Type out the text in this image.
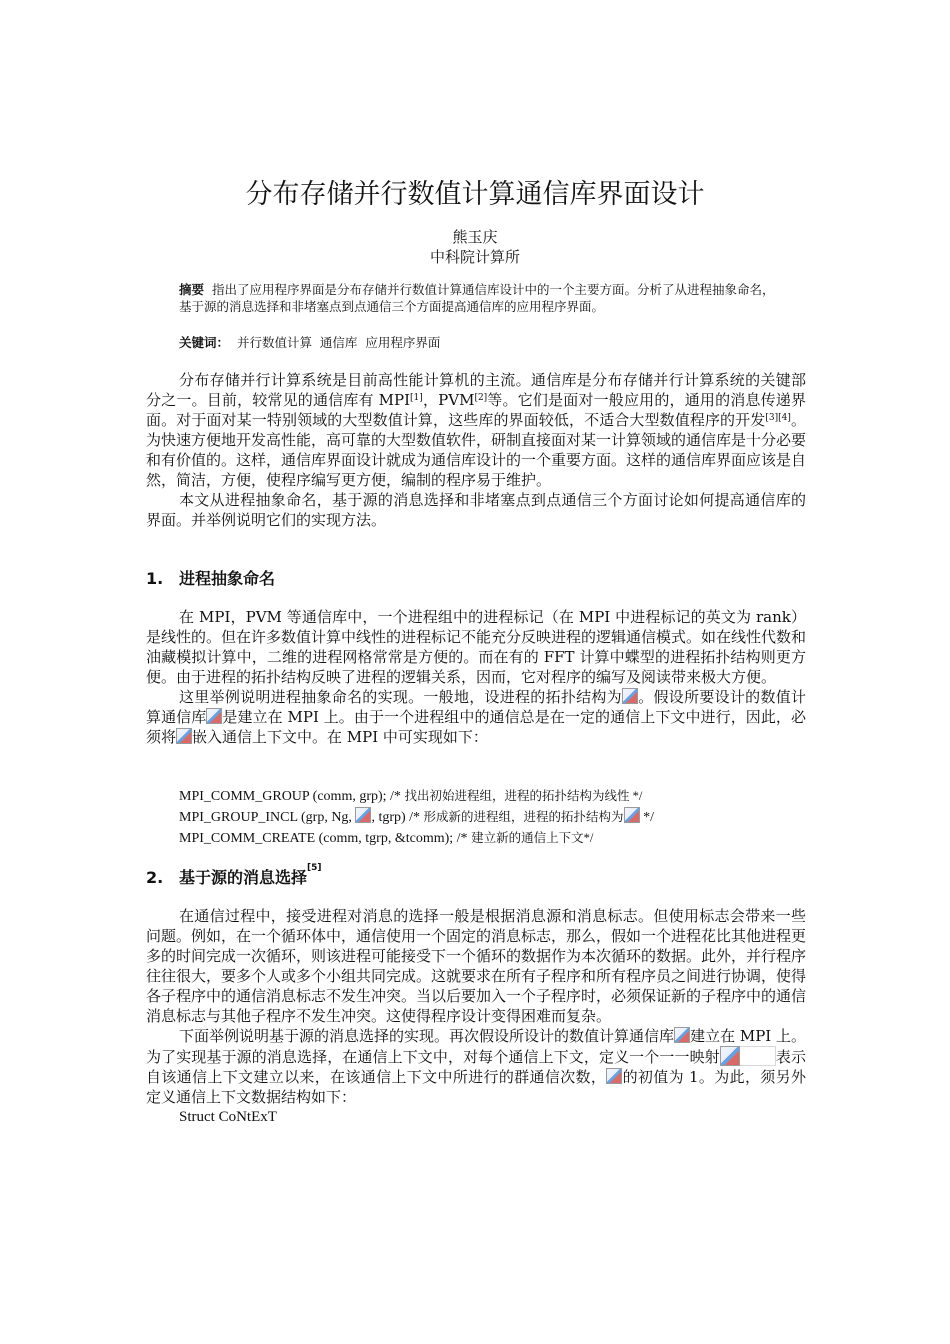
分布存储并行数值计算通信库界面设计
熊玉庆
中科院计算所
摘要 指出了应用程序界面是分布存储并行数值计算通信库设计中的一个主要方面。分析了从进程抽象命名，基于源的消息选择和非堵塞点到点通信三个方面提高通信库的应用程序界面。
关键词： 并行数值计算  通信库  应用程序界面

分布存储并行计算系统是目前高性能计算机的主流。通信库是分布存储并行计算系统的关键部分之一。目前，较常见的通信库有 MPI[1]，PVM[2]等。它们是面对一般应用的，通用的消息传递界面。对于面对某一特别领域的大型数值计算，这些库的界面较低，不适合大型数值程序的开发[3][4]。为快速方便地开发高性能，高可靠的大型数值软件，研制直接面对某一计算领域的通信库是十分必要和有价值的。这样，通信库界面设计就成为通信库设计的一个重要方面。这样的通信库界面应该是自然，简洁，方便，使程序编写更方便，编制的程序易于维护。

本文从进程抽象命名，基于源的消息选择和非堵塞点到点通信三个方面讨论如何提高通信库的界面。并举例说明它们的实现方法。

1. 进程抽象命名

在 MPI，PVM 等通信库中，一个进程组中的进程标记（在 MPI 中进程标记的英文为 rank）是线性的。但在许多数值计算中线性的进程标记不能充分反映进程的逻辑通信模式。如在线性代数和油藏模拟计算中，二维的进程网格常常是方便的。而在有的 FFT 计算中蝶型的进程拓扑结构则更方便。由于进程的拓扑结构反映了进程的逻辑关系，因而，它对程序的编写及阅读带来极大方便。

这里举例说明进程抽象命名的实现。一般地，设进程的拓扑结构为 。假设所要设计的数值计算通信库 是建立在 MPI 上。由于一个进程组中的通信总是在一定的通信上下文中进行，因此，必须将 嵌入通信上下文中。在 MPI 中可实现如下：

MPI_COMM_GROUP (comm, grp); /* 找出初始进程组，进程的拓扑结构为线性 */
MPI_GROUP_INCL (grp, Ng, , tgrp) /* 形成新的进程组，进程的拓扑结构为 */
MPI_COMM_CREATE (comm, tgrp, &tcomm); /* 建立新的通信上下文*/
2. 基于源的消息选择[5]

在通信过程中，接受进程对消息的选择一般是根据消息源和消息标志。但使用标志会带来一些问题。例如，在一个循环体中，通信使用一个固定的消息标志，那么，假如一个进程花比其他进程更多的时间完成一次循环，则该进程可能接受下一个循环的数据作为本次循环的数据。此外，并行程序往往很大，要多个人或多个小组共同完成。这就要求在所有子程序和所有程序员之间进行协调，使得各子程序中的通信消息标志不发生冲突。当以后要加入一个子程序时，必须保证新的子程序中的通信消息标志与其他子程序不发生冲突。这使得程序设计变得困难而复杂。

下面举例说明基于源的消息选择的实现。再次假设所设计的数值计算通信库 建立在 MPI 上。为了实现基于源的消息选择，在通信上下文中，对每个通信上下文，定义一个一一映射	表示自该通信上下文建立以来，在该通信上下文中所进行的群通信次数， 的初值为 1。为此，须另外定义通信上下文数据结构如下：

Struct CoNtExT
